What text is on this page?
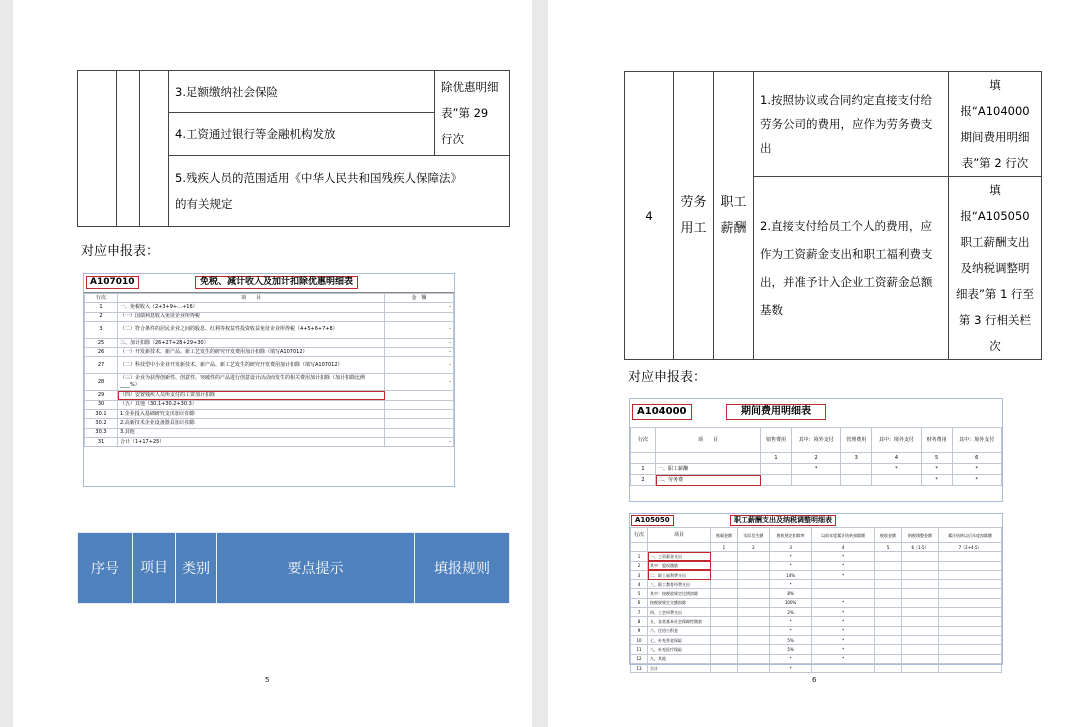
			3.足额缴纳社会保险	除优惠明细表”第 29 行次
4.工资通过银行等金融机构发放
5.残疾人员的范围适用《中华人民共和国残疾人保障法》的有关规定
对应申报表：
A107010	免税、减计收入及加计扣除优惠明细表
行次	项　　目	金　额
1	一、免税收入（2+3+9+…+16）	-
2	（一）国债利息收入免征企业所得税	
3	（二）符合条件的居民企业之间的股息、红利等权益性投资收益免征企业所得税（4+5+6+7+8）	-
25	三、加计扣除（26+27+28+29+30）	-
26	（一）开发新技术、新产品、新工艺发生的研究开发费用加计扣除（填写A107012）	-
27	（二）科技型中小企业开发新技术、新产品、新工艺发生的研究开发费用加计扣除（填写A107012）	-
28	（三）企业为获得创新性、创意性、突破性的产品进行创意设计活动而发生的相关费用加计扣除（加计扣除比例____%）	-
29	（四）安置残疾人员所支付的工资加计扣除	
30	（五）其他（30.1+30.2+30.3）	
30.1	1.企业投入基础研究支出加计扣除	
30.2	2.高新技术企业设备器具加计扣除	
30.3	3.其他	
31	合计（1+17+25）	-
序号	项目	类别	要点提示	填报规则
5
4	劳务用工	职工薪酬	1.按照协议或合同约定直接支付给劳务公司的费用，应作为劳务费支出	填报“A104000期间费用明细表”第 2 行次
			2.直接支付给员工个人的费用，应作为工资薪金支出和职工福利费支出，并准予计入企业工资薪金总额基数	填报“A105050 职工薪酬支出及纳税调整明细表”第 1 行至第 3 行相关栏次
对应申报表：
A104000	期间费用明细表
行次	项　　目	销售费用	其中：境外支付	管理费用	其中：境外支付	财务费用	其中：境外支付
		1	2	3	4	5	6
1	一、职工薪酬		*		*	*	*
2	二、劳务费					*	*
A105050	职工薪酬支出及纳税调整明细表
行次	项目	账载金额	实际发生额	税收规定扣除率	以前年度累计结转扣除额	税收金额	纳税调整金额	累计结转以后年度扣除额
		1	2	3	4	5	6（1-5）	7（2+4-5）
1	一、工资薪金支出			*	*			
2	其中：股权激励			*	*			
3	二、职工福利费支出			14%	*			
4	三、职工教育经费支出			*				
5	其中：按税收规定比例扣除			8%				
6	按税收规定全额扣除			100%	*			
7	四、工会经费支出			2%	*			
8	五、各类基本社会保障性缴款			*	*			
9	六、住房公积金			*	*			
10	七、补充养老保险			5%	*			
11	八、补充医疗保险			5%	*			
12	九、其他			*	*			
13	合计			*				
6
